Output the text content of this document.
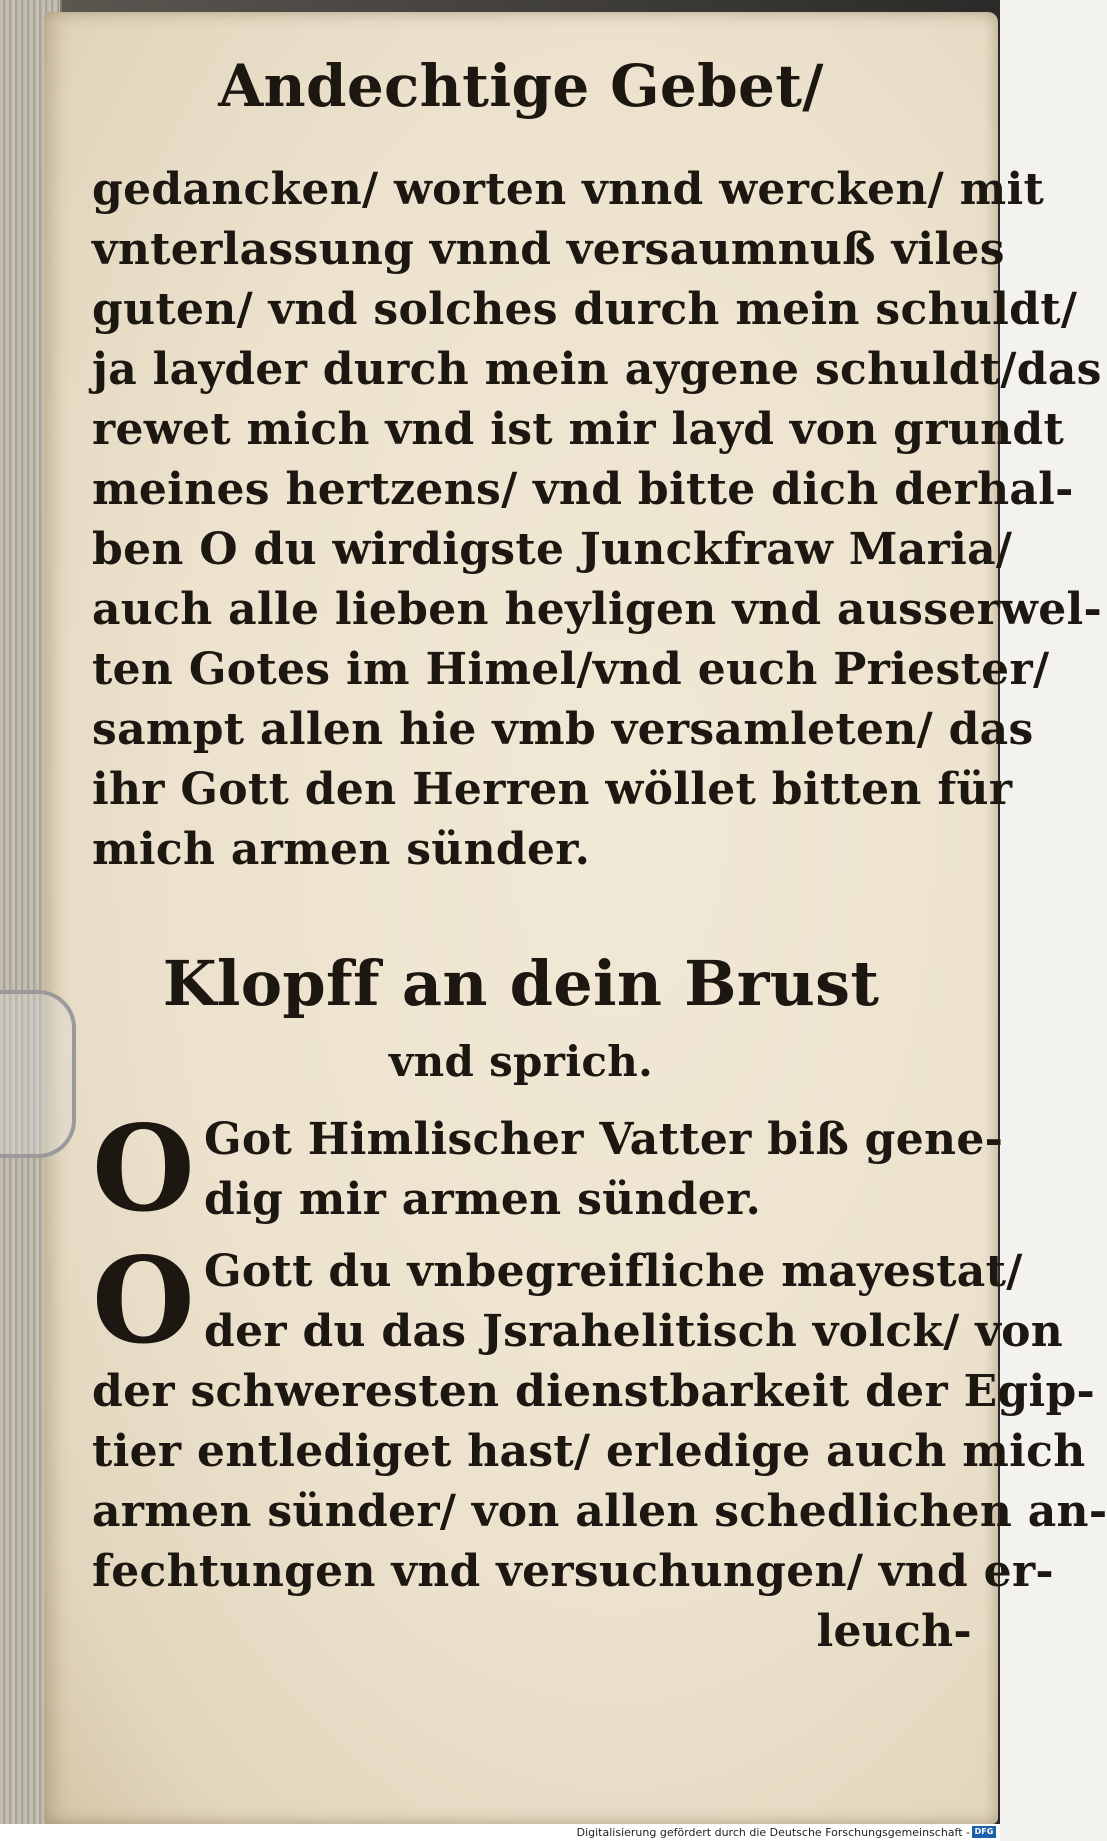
Andechtige Gebet/
gedancken/ worten vnnd wercken/ mit
vnterlassung vnnd versaumnuß viles
guten/ vnd solches durch mein schuldt/
ja layder durch mein aygene schuldt/das
rewet mich vnd ist mir layd von grundt
meines hertzens/ vnd bitte dich derhal-
ben O du wirdigste Junckfraw Maria/
auch alle lieben heyligen vnd ausserwel-
ten Gotes im Himel/vnd euch Priester/
sampt allen hie vmb versamleten/ das
ihr Gott den Herren wöllet bitten für
mich armen sünder.
Klopff an dein Brust
vnd sprich.
O Got Himlischer Vatter biß gene-
dig mir armen sünder.
O Gott du vnbegreifliche mayestat/
der du das Jsrahelitisch volck/ von
der schweresten dienstbarkeit der Egip-
tier entlediget hast/ erledige auch mich
armen sünder/ von allen schedlichen an-
fechtungen vnd versuchungen/ vnd er-
leuch-
Digitalisierung gefördert durch die Deutsche Forschungsgemeinschaft - DFG
